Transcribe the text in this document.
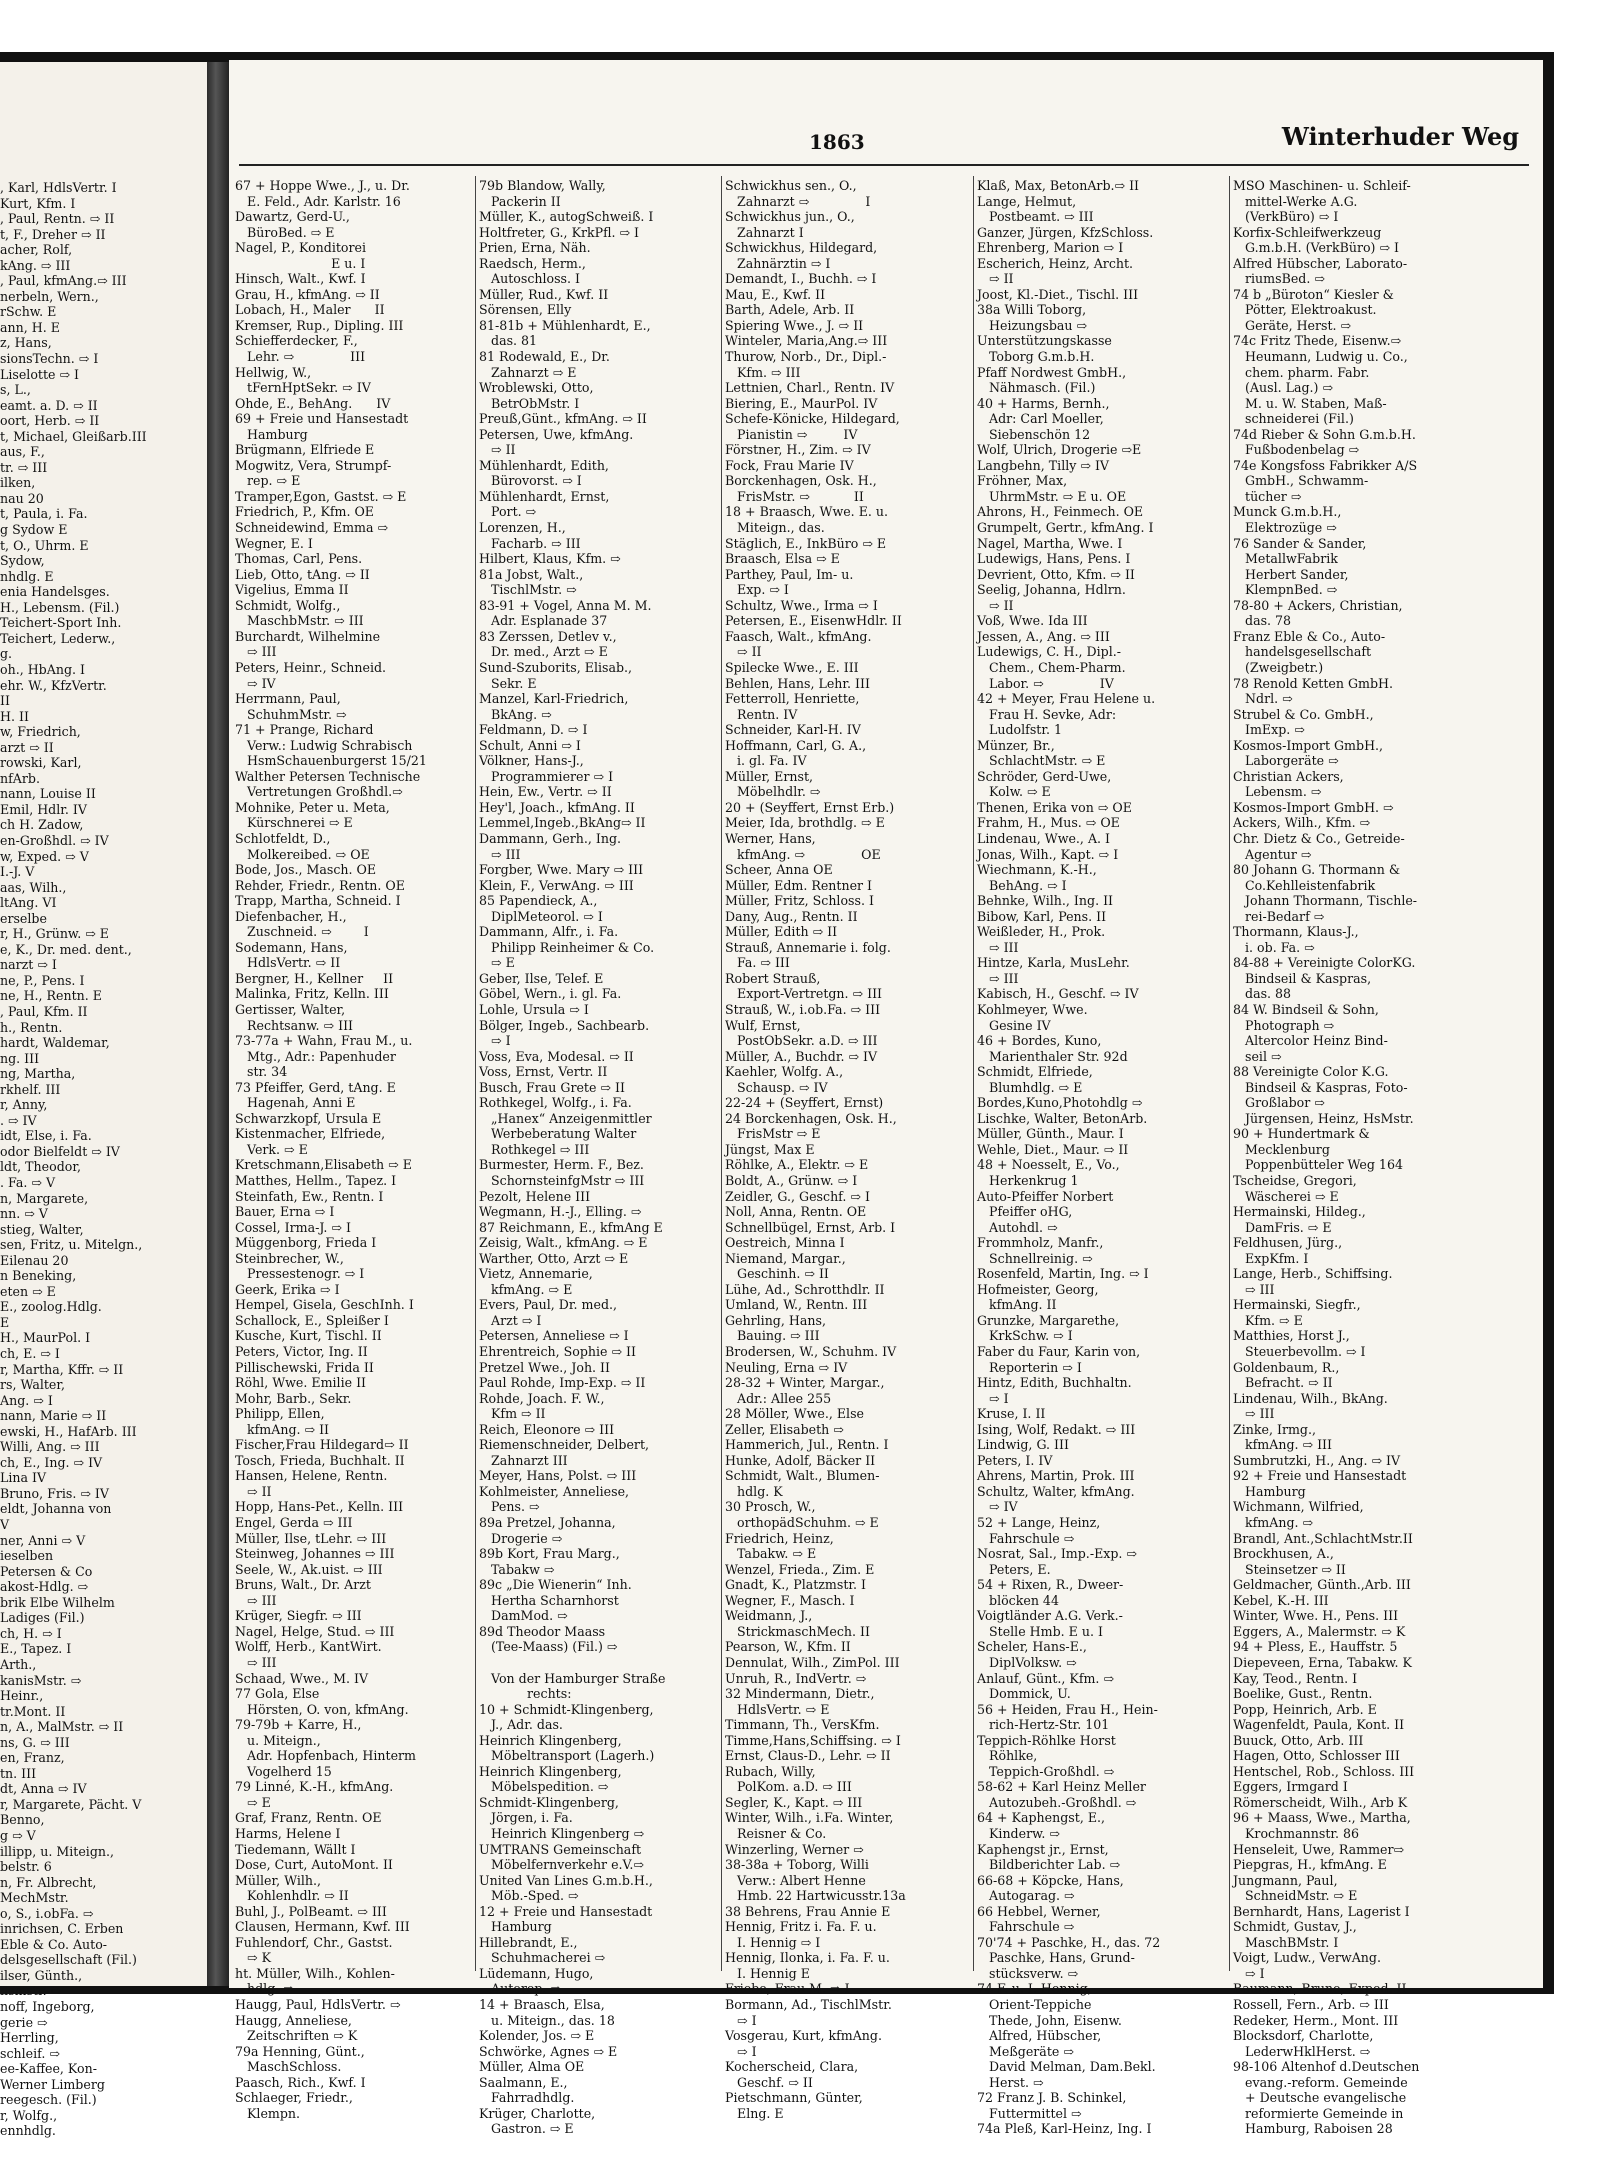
, Karl, HdlsVertr. I
Kurt, Kfm. I
, Paul, Rentn. ⇨ II
t, F., Dreher ⇨ II
acher, Rolf,
kAng. ⇨ III
, Paul, kfmAng.⇨ III
nerbeln, Wern.,
rSchw. E
ann, H. E
z, Hans,
sionsTechn. ⇨ I
Liselotte ⇨ I
s, L.,
eamt. a. D. ⇨ II
oort, Herb. ⇨ II
t, Michael, Gleißarb.III
aus, F.,
tr. ⇨ III
ilken,
nau 20
t, Paula, i. Fa.
g Sydow E
t, O., Uhrm. E
Sydow,
nhdlg. E
enia Handelsges.
H., Lebensm. (Fil.)
Teichert-Sport Inh.
Teichert, Lederw.,
g.
oh., HbAng. I
ehr. W., KfzVertr.
II
H. II
w, Friedrich,
arzt ⇨ II
rowski, Karl,
nfArb.
nann, Louise II
Emil, Hdlr. IV
ch H. Zadow,
en-Großhdl. ⇨ IV
w, Exped. ⇨ V
I.-J. V
aas, Wilh.,
ltAng. VI
erselbe
r, H., Grünw. ⇨ E
e, K., Dr. med. dent.,
narzt ⇨ I
ne, P., Pens. I
ne, H., Rentn. E
, Paul, Kfm. II
h., Rentn.
hardt, Waldemar,
ng. III
ng, Martha,
rkhelf. III
r, Anny,
. ⇨ IV
idt, Else, i. Fa.
odor Bielfeldt ⇨ IV
ldt, Theodor,
. Fa. ⇨ V
n, Margarete,
nn. ⇨ V
stieg, Walter,
sen, Fritz, u. Mitelgn.,
Eilenau 20
n Beneking,
eten ⇨ E
E., zoolog.Hdlg.
E
H., MaurPol. I
ch, E. ⇨ I
r, Martha, Kffr. ⇨ II
rs, Walter,
Ang. ⇨ I
nann, Marie ⇨ II
ewski, H., HafArb. III
Willi, Ang. ⇨ III
ch, E., Ing. ⇨ IV
Lina IV
Bruno, Fris. ⇨ IV
eldt, Johanna von
V
ner, Anni ⇨ V
ieselben
Petersen & Co
akost-Hdlg. ⇨
brik Elbe Wilhelm
Ladiges (Fil.)
ch, H. ⇨ I
E., Tapez. I
Arth.,
kanisMstr. ⇨
Heinr.,
tr.Mont. II
n, A., MalMstr. ⇨ II
ns, G. ⇨ III
en, Franz,
tn. III
dt, Anna ⇨ IV
r, Margarete, Pächt. V
Benno,
g ⇨ V
illipp, u. Miteign.,
belstr. 6
n, Fr. Albrecht,
MechMstr.
o, S., i.obFa. ⇨
inrichsen, C. Erben
Eble & Co. Auto-
delsgesellschaft (Fil.)
ilser, Günth.,
nsmstr. ⇨
noff, Ingeborg,
gerie ⇨
Herrling,
schleif. ⇨
ee-Kaffee, Kon-
Werner Limberg
reegesch. (Fil.)
r, Wolfg.,
ennhdlg.
1863	Winterhuder Weg
67 + Hoppe Wwe., J., u. Dr.
E. Feld., Adr. Karlstr. 16
Dawartz, Gerd-U.,
BüroBed. ⇨ E
Nagel, P., Konditorei
E u. I
Hinsch, Walt., Kwf. I
Grau, H., kfmAng. ⇨ II
Lobach, H., Maler      II
Kremser, Rup., Dipling. III
Schiefferdecker, F.,
Lehr. ⇨              III
Hellwig, W.,
tFernHptSekr. ⇨ IV
Ohde, E., BehAng.      IV
69 + Freie und Hansestadt
Hamburg
Brügmann, Elfriede E
Mogwitz, Vera, Strumpf-
rep. ⇨ E
Tramper,Egon, Gastst. ⇨ E
Friedrich, P., Kfm. OE
Schneidewind, Emma ⇨
Wegner, E. I
Thomas, Carl, Pens.
Lieb, Otto, tAng. ⇨ II
Vigelius, Emma II
Schmidt, Wolfg.,
MaschbMstr. ⇨ III
Burchardt, Wilhelmine
⇨ III
Peters, Heinr., Schneid.
⇨ IV
Herrmann, Paul,
SchuhmMstr. ⇨
71 + Prange, Richard
Verw.: Ludwig Schrabisch
HsmSchauenburgerst 15/21
Walther Petersen Technische
Vertretungen Großhdl.⇨
Mohnike, Peter u. Meta,
Kürschnerei ⇨ E
Schlotfeldt, D.,
Molkereibed. ⇨ OE
Bode, Jos., Masch. OE
Rehder, Friedr., Rentn. OE
Trapp, Martha, Schneid. I
Diefenbacher, H.,
Zuschneid. ⇨        I
Sodemann, Hans,
HdlsVertr. ⇨ II
Bergner, H., Kellner     II
Malinka, Fritz, Kelln. III
Gertisser, Walter,
Rechtsanw. ⇨ III
73-77a + Wahn, Frau M., u.
Mtg., Adr.: Papenhuder
str. 34
73 Pfeiffer, Gerd, tAng. E
Hagenah, Anni E
Schwarzkopf, Ursula E
Kistenmacher, Elfriede,
Verk. ⇨ E
Kretschmann,Elisabeth ⇨ E
Matthes, Hellm., Tapez. I
Steinfath, Ew., Rentn. I
Bauer, Erna ⇨ I
Cossel, Irma-J. ⇨ I
Müggenborg, Frieda I
Steinbrecher, W.,
Pressestenogr. ⇨ I
Geerk, Erika ⇨ I
Hempel, Gisela, GeschInh. I
Schallock, E., Spleißer I
Kusche, Kurt, Tischl. II
Peters, Victor, Ing. II
Pillischewski, Frida II
Röhl, Wwe. Emilie II
Mohr, Barb., Sekr.
Philipp, Ellen,
kfmAng. ⇨ II
Fischer,Frau Hildegard⇨ II
Tosch, Frieda, Buchhalt. II
Hansen, Helene, Rentn.
⇨ II
Hopp, Hans-Pet., Kelln. III
Engel, Gerda ⇨ III
Müller, Ilse, tLehr. ⇨ III
Steinweg, Johannes ⇨ III
Seele, W., Ak.uist. ⇨ III
Bruns, Walt., Dr. Arzt
⇨ III
Krüger, Siegfr. ⇨ III
Nagel, Helge, Stud. ⇨ III
Wolff, Herb., KantWirt.
⇨ III
Schaad, Wwe., M. IV
77 Gola, Else
Hörsten, O. von, kfmAng.
79-79b + Karre, H.,
u. Miteign.,
Adr. Hopfenbach, Hinterm
Vogelherd 15
79 Linné, K.-H., kfmAng.
⇨ E
Graf, Franz, Rentn. OE
Harms, Helene I
Tiedemann, Wällt I
Dose, Curt, AutoMont. II
Müller, Wilh.,
Kohlenhdlr. ⇨ II
Buhl, J., PolBeamt. ⇨ III
Clausen, Hermann, Kwf. III
Fuhlendorf, Chr., Gastst.
⇨ K
ht. Müller, Wilh., Kohlen-
hdlg. ⇨
Haugg, Paul, HdlsVertr. ⇨
Haugg, Anneliese,
Zeitschriften ⇨ K
79a Henning, Günt.,
MaschSchloss.
Paasch, Rich., Kwf. I
Schlaeger, Friedr.,
Klempn.
79b Blandow, Wally,
Packerin II
Müller, K., autogSchweiß. I
Holtfreter, G., KrkPfl. ⇨ I
Prien, Erna, Näh.
Raedsch, Herm.,
Autoschloss. I
Müller, Rud., Kwf. II
Sörensen, Elly
81-81b + Mühlenhardt, E.,
das. 81
81 Rodewald, E., Dr.
Zahnarzt ⇨ E
Wroblewski, Otto,
BetrObMstr. I
Preuß,Günt., kfmAng. ⇨ II
Petersen, Uwe, kfmAng.
⇨ II
Mühlenhardt, Edith,
Bürovorst. ⇨ I
Mühlenhardt, Ernst,
Port. ⇨
Lorenzen, H.,
Facharb. ⇨ III
Hilbert, Klaus, Kfm. ⇨
81a Jobst, Walt.,
TischlMstr. ⇨
83-91 + Vogel, Anna M. M.
Adr. Esplanade 37
83 Zerssen, Detlev v.,
Dr. med., Arzt ⇨ E
Sund-Szuborits, Elisab.,
Sekr. E
Manzel, Karl-Friedrich,
BkAng. ⇨
Feldmann, D. ⇨ I
Schult, Anni ⇨ I
Völkner, Hans-J.,
Programmierer ⇨ I
Hein, Ew., Vertr. ⇨ II
Hey'l, Joach., kfmAng. II
Lemmel,Ingeb.,BkAng⇨ II
Dammann, Gerh., Ing.
⇨ III
Forgber, Wwe. Mary ⇨ III
Klein, F., VerwAng. ⇨ III
85 Papendieck, A.,
DiplMeteorol. ⇨ I
Dammann, Alfr., i. Fa.
Philipp Reinheimer & Co.
⇨ E
Geber, Ilse, Telef. E
Göbel, Wern., i. gl. Fa.
Lohle, Ursula ⇨ I
Bölger, Ingeb., Sachbearb.
⇨ I
Voss, Eva, Modesal. ⇨ II
Voss, Ernst, Vertr. II
Busch, Frau Grete ⇨ II
Rothkegel, Wolfg., i. Fa.
„Hanex“ Anzeigenmittler
Werbeberatung Walter
Rothkegel ⇨ III
Burmester, Herm. F., Bez.
SchornsteinfgMstr ⇨ III
Pezolt, Helene III
Wegmann, H.-J., Elling. ⇨
87 Reichmann, E., kfmAng E
Zeisig, Walt., kfmAng. ⇨ E
Warther, Otto, Arzt ⇨ E
Vietz, Annemarie,
kfmAng. ⇨ E
Evers, Paul, Dr. med.,
Arzt ⇨ I
Petersen, Anneliese ⇨ I
Ehrentreich, Sophie ⇨ II
Pretzel Wwe., Joh. II
Paul Rohde, Imp-Exp. ⇨ II
Rohde, Joach. F. W.,
Kfm ⇨ II
Reich, Eleonore ⇨ III
Riemenschneider, Delbert,
Zahnarzt III
Meyer, Hans, Polst. ⇨ III
Kohlmeister, Anneliese,
Pens. ⇨
89a Pretzel, Johanna,
Drogerie ⇨
89b Kort, Frau Marg.,
Tabakw ⇨
89c „Die Wienerin“ Inh.
Hertha Scharnhorst
DamMod. ⇨
89d Theodor Maass
(Tee-Maass) (Fil.) ⇨
Von der Hamburger Straße
rechts:
10 + Schmidt-Klingenberg,
J., Adr. das.
Heinrich Klingenberg,
Möbeltransport (Lagerh.)
Heinrich Klingenberg,
Möbelspedition. ⇨
Schmidt-Klingenberg,
Jörgen, i. Fa.
Heinrich Klingenberg ⇨
UMTRANS Gemeinschaft
Möbelfernverkehr e.V.⇨
United Van Lines G.m.b.H.,
Möb.-Sped. ⇨
12 + Freie und Hansestadt
Hamburg
Hillebrandt, E.,
Schuhmacherei ⇨
Lüdemann, Hugo,
Autorep. ⇨
14 + Braasch, Elsa,
u. Miteign., das. 18
Kolender, Jos. ⇨ E
Schwörke, Agnes ⇨ E
Müller, Alma OE
Saalmann, E.,
Fahrradhdlg.
Krüger, Charlotte,
Gastron. ⇨ E
Schwickhus sen., O.,
Zahnarzt ⇨              I
Schwickhus jun., O.,
Zahnarzt I
Schwickhus, Hildegard,
Zahnärztin ⇨ I
Demandt, I., Buchh. ⇨ I
Mau, E., Kwf. II
Barth, Adele, Arb. II
Spiering Wwe., J. ⇨ II
Winteler, Maria,Ang.⇨ III
Thurow, Norb., Dr., Dipl.-
Kfm. ⇨ III
Lettnien, Charl., Rentn. IV
Biering, E., MaurPol. IV
Schefe-Könicke, Hildegard,
Pianistin ⇨         IV
Förstner, H., Zim. ⇨ IV
Fock, Frau Marie IV
Borckenhagen, Osk. H.,
FrisMstr. ⇨           II
18 + Braasch, Wwe. E. u.
Miteign., das.
Stäglich, E., InkBüro ⇨ E
Braasch, Elsa ⇨ E
Parthey, Paul, Im- u.
Exp. ⇨ I
Schultz, Wwe., Irma ⇨ I
Petersen, E., EisenwHdlr. II
Faasch, Walt., kfmAng.
⇨ II
Spilecke Wwe., E. III
Behlen, Hans, Lehr. III
Fetterroll, Henriette,
Rentn. IV
Schneider, Karl-H. IV
Hoffmann, Carl, G. A.,
i. gl. Fa. IV
Müller, Ernst,
Möbelhdlr. ⇨
20 + (Seyffert, Ernst Erb.)
Meier, Ida, brothdlg. ⇨ E
Werner, Hans,
kfmAng. ⇨              OE
Scheer, Anna OE
Müller, Edm. Rentner I
Müller, Fritz, Schloss. I
Dany, Aug., Rentn. II
Müller, Edith ⇨ II
Strauß, Annemarie i. folg.
Fa. ⇨ III
Robert Strauß,
Export-Vertretgn. ⇨ III
Strauß, W., i.ob.Fa. ⇨ III
Wulf, Ernst,
PostObSekr. a.D. ⇨ III
Müller, A., Buchdr. ⇨ IV
Kaehler, Wolfg. A.,
Schausp. ⇨ IV
22-24 + (Seyffert, Ernst)
24 Borckenhagen, Osk. H.,
FrisMstr ⇨ E
Jüngst, Max E
Röhlke, A., Elektr. ⇨ E
Boldt, A., Grünw. ⇨ I
Zeidler, G., Geschf. ⇨ I
Noll, Anna, Rentn. OE
Schnellbügel, Ernst, Arb. I
Oestreich, Minna I
Niemand, Margar.,
Geschinh. ⇨ II
Lühe, Ad., Schrotthdlr. II
Umland, W., Rentn. III
Gehrling, Hans,
Bauing. ⇨ III
Brodersen, W., Schuhm. IV
Neuling, Erna ⇨ IV
28-32 + Winter, Margar.,
Adr.: Allee 255
28 Möller, Wwe., Else
Zeller, Elisabeth ⇨
Hammerich, Jul., Rentn. I
Hunke, Adolf, Bäcker II
Schmidt, Walt., Blumen-
hdlg. K
30 Prosch, W.,
orthopädSchuhm. ⇨ E
Friedrich, Heinz,
Tabakw. ⇨ E
Wenzel, Frieda., Zim. E
Gnadt, K., Platzmstr. I
Wegner, F., Masch. I
Weidmann, J.,
StrickmaschMech. II
Pearson, W., Kfm. II
Dennulat, Wilh., ZimPol. III
Unruh, R., IndVertr. ⇨
32 Mindermann, Dietr.,
HdlsVertr. ⇨ E
Timmann, Th., VersKfm.
Timme,Hans,Schiffsing. ⇨ I
Ernst, Claus-D., Lehr. ⇨ II
Rubach, Willy,
PolKom. a.D. ⇨ III
Segler, K., Kapt. ⇨ III
Winter, Wilh., i.Fa. Winter,
Reisner & Co.
Winzerling, Werner ⇨
38-38a + Toborg, Willi
Verw.: Albert Henne
Hmb. 22 Hartwicusstr.13a
38 Behrens, Frau Annie E
Hennig, Fritz i. Fa. F. u.
I. Hennig ⇨ I
Hennig, Ilonka, i. Fa. F. u.
I. Hennig E
Friebe, Frau M. ⇨ I
Bormann, Ad., TischlMstr.
⇨ I
Vosgerau, Kurt, kfmAng.
⇨ I
Kocherscheid, Clara,
Geschf. ⇨ II
Pietschmann, Günter,
Elng. E
Klaß, Max, BetonArb.⇨ II
Lange, Helmut,
Postbeamt. ⇨ III
Ganzer, Jürgen, KfzSchloss.
Ehrenberg, Marion ⇨ I
Escherich, Heinz, Archt.
⇨ II
Joost, Kl.-Diet., Tischl. III
38a Willi Toborg,
Heizungsbau ⇨
Unterstützungskasse
Toborg G.m.b.H.
Pfaff Nordwest GmbH.,
Nähmasch. (Fil.)
40 + Harms, Bernh.,
Adr: Carl Moeller,
Siebenschön 12
Wolf, Ulrich, Drogerie ⇨E
Langbehn, Tilly ⇨ IV
Fröhner, Max,
UhrmMstr. ⇨ E u. OE
Ahrons, H., Feinmech. OE
Grumpelt, Gertr., kfmAng. I
Nagel, Martha, Wwe. I
Ludewigs, Hans, Pens. I
Devrient, Otto, Kfm. ⇨ II
Seelig, Johanna, Hdlrn.
⇨ II
Voß, Wwe. Ida III
Jessen, A., Ang. ⇨ III
Ludewigs, C. H., Dipl.-
Chem., Chem-Pharm.
Labor. ⇨              IV
42 + Meyer, Frau Helene u.
Frau H. Sevke, Adr:
Ludolfstr. 1
Münzer, Br.,
SchlachtMstr. ⇨ E
Schröder, Gerd-Uwe,
Kolw. ⇨ E
Thenen, Erika von ⇨ OE
Frahm, H., Mus. ⇨ OE
Lindenau, Wwe., A. I
Jonas, Wilh., Kapt. ⇨ I
Wiechmann, K.-H.,
BehAng. ⇨ I
Behnke, Wilh., Ing. II
Bibow, Karl, Pens. II
Weißleder, H., Prok.
⇨ III
Hintze, Karla, MusLehr.
⇨ III
Kabisch, H., Geschf. ⇨ IV
Kohlmeyer, Wwe.
Gesine IV
46 + Bordes, Kuno,
Marienthaler Str. 92d
Schmidt, Elfriede,
Blumhdlg. ⇨ E
Bordes,Kuno,Photohdlg ⇨
Lischke, Walter, BetonArb.
Müller, Günth., Maur. I
Wehle, Diet., Maur. ⇨ II
48 + Noesselt, E., Vo.,
Herkenkrug 1
Auto-Pfeiffer Norbert
Pfeiffer oHG,
Autohdl. ⇨
Frommholz, Manfr.,
Schnellreinig. ⇨
Rosenfeld, Martin, Ing. ⇨ I
Hofmeister, Georg,
kfmAng. II
Grunzke, Margarethe,
KrkSchw. ⇨ I
Faber du Faur, Karin von,
Reporterin ⇨ I
Hintz, Edith, Buchhaltn.
⇨ I
Kruse, I. II
Ising, Wolf, Redakt. ⇨ III
Lindwig, G. III
Peters, I. IV
Ahrens, Martin, Prok. III
Schultz, Walter, kfmAng.
⇨ IV
52 + Lange, Heinz,
Fahrschule ⇨
Nosrat, Sal., Imp.-Exp. ⇨
Peters, E.
54 + Rixen, R., Dweer-
blöcken 44
Voigtländer A.G. Verk.-
Stelle Hmb. E u. I
Scheler, Hans-E.,
DiplVolksw. ⇨
Anlauf, Günt., Kfm. ⇨
Dommick, U.
56 + Heiden, Frau H., Hein-
rich-Hertz-Str. 101
Teppich-Röhlke Horst
Röhlke,
Teppich-Großhdl. ⇨
58-62 + Karl Heinz Meller
Autozubeh.-Großhdl. ⇨
64 + Kaphengst, E.,
Kinderw. ⇨
Kaphengst jr., Ernst,
Bildberichter Lab. ⇨
66-68 + Köpcke, Hans,
Autogarag. ⇨
66 Hebbel, Werner,
Fahrschule ⇨
70'74 + Paschke, H., das. 72
Paschke, Hans, Grund-
stücksverw. ⇨
74 F. u. I. Hennig,
Orient-Teppiche
Thede, John, Eisenw.
Alfred, Hübscher,
Meßgeräte ⇨
David Melman, Dam.Bekl.
Herst. ⇨
72 Franz J. B. Schinkel,
Futtermittel ⇨
74a Pleß, Karl-Heinz, Ing. I
MSO Maschinen- u. Schleif-
mittel-Werke A.G.
(VerkBüro) ⇨ I
Korfix-Schleifwerkzeug
G.m.b.H. (VerkBüro) ⇨ I
Alfred Hübscher, Laborato-
riumsBed. ⇨
74 b „Büroton“ Kiesler &
Pötter, Elektroakust.
Geräte, Herst. ⇨
74c Fritz Thede, Eisenw.⇨
Heumann, Ludwig u. Co.,
chem. pharm. Fabr.
(Ausl. Lag.) ⇨
M. u. W. Staben, Maß-
schneiderei (Fil.)
74d Rieber & Sohn G.m.b.H.
Fußbodenbelag ⇨
74e Kongsfoss Fabrikker A/S
GmbH., Schwamm-
tücher ⇨
Munck G.m.b.H.,
Elektrozüge ⇨
76 Sander & Sander,
MetallwFabrik
Herbert Sander,
KlempnBed. ⇨
78-80 + Ackers, Christian,
das. 78
Franz Eble & Co., Auto-
handelsgesellschaft
(Zweigbetr.)
78 Renold Ketten GmbH.
Ndrl. ⇨
Strubel & Co. GmbH.,
ImExp. ⇨
Kosmos-Import GmbH.,
Laborgeräte ⇨
Christian Ackers,
Lebensm. ⇨
Kosmos-Import GmbH. ⇨
Ackers, Wilh., Kfm. ⇨
Chr. Dietz & Co., Getreide-
Agentur ⇨
80 Johann G. Thormann &
Co.Kehlleistenfabrik
Johann Thormann, Tischle-
rei-Bedarf ⇨
Thormann, Klaus-J.,
i. ob. Fa. ⇨
84-88 + Vereinigte ColorKG.
Bindseil & Kaspras,
das. 88
84 W. Bindseil & Sohn,
Photograph ⇨
Altercolor Heinz Bind-
seil ⇨
88 Vereinigte Color K.G.
Bindseil & Kaspras, Foto-
Großlabor ⇨
Jürgensen, Heinz, HsMstr.
90 + Hundertmark &
Mecklenburg
Poppenbütteler Weg 164
Tscheidse, Gregori,
Wäscherei ⇨ E
Hermainski, Hildeg.,
DamFris. ⇨ E
Feldhusen, Jürg.,
ExpKfm. I
Lange, Herb., Schiffsing.
⇨ III
Hermainski, Siegfr.,
Kfm. ⇨ E
Matthies, Horst J.,
Steuerbevollm. ⇨ I
Goldenbaum, R.,
Befracht. ⇨ II
Lindenau, Wilh., BkAng.
⇨ III
Zinke, Irmg.,
kfmAng. ⇨ III
Sumbrutzki, H., Ang. ⇨ IV
92 + Freie und Hansestadt
Hamburg
Wichmann, Wilfried,
kfmAng. ⇨
Brandl, Ant.,SchlachtMstr.II
Brockhusen, A.,
Steinsetzer ⇨ II
Geldmacher, Günth.,Arb. III
Kebel, K.-H. III
Winter, Wwe. H., Pens. III
Eggers, A., Malermstr. ⇨ K
94 + Pless, E., Hauffstr. 5
Diepeveen, Erna, Tabakw. K
Kay, Teod., Rentn. I
Boelike, Gust., Rentn.
Popp, Heinrich, Arb. E
Wagenfeldt, Paula, Kont. II
Buuck, Otto, Arb. III
Hagen, Otto, Schlosser III
Hentschel, Rob., Schloss. III
Eggers, Irmgard I
Römerscheidt, Wilh., Arb K
96 + Maass, Wwe., Martha,
Krochmannstr. 86
Henseleit, Uwe, Rammer⇨
Piepgras, H., kfmAng. E
Jungmann, Paul,
SchneidMstr. ⇨ E
Bernhardt, Hans, Lagerist I
Schmidt, Gustav, J.,
MaschBMstr. I
Voigt, Ludw., VerwAng.
⇨ I
Baumann, Bruno, Exped. II
Rossell, Fern., Arb. ⇨ III
Redeker, Herm., Mont. III
Blocksdorf, Charlotte,
LederwHklHerst. ⇨
98-106 Altenhof d.Deutschen
evang.-reform. Gemeinde
+ Deutsche evangelische
reformierte Gemeinde in
Hamburg, Raboisen 28
